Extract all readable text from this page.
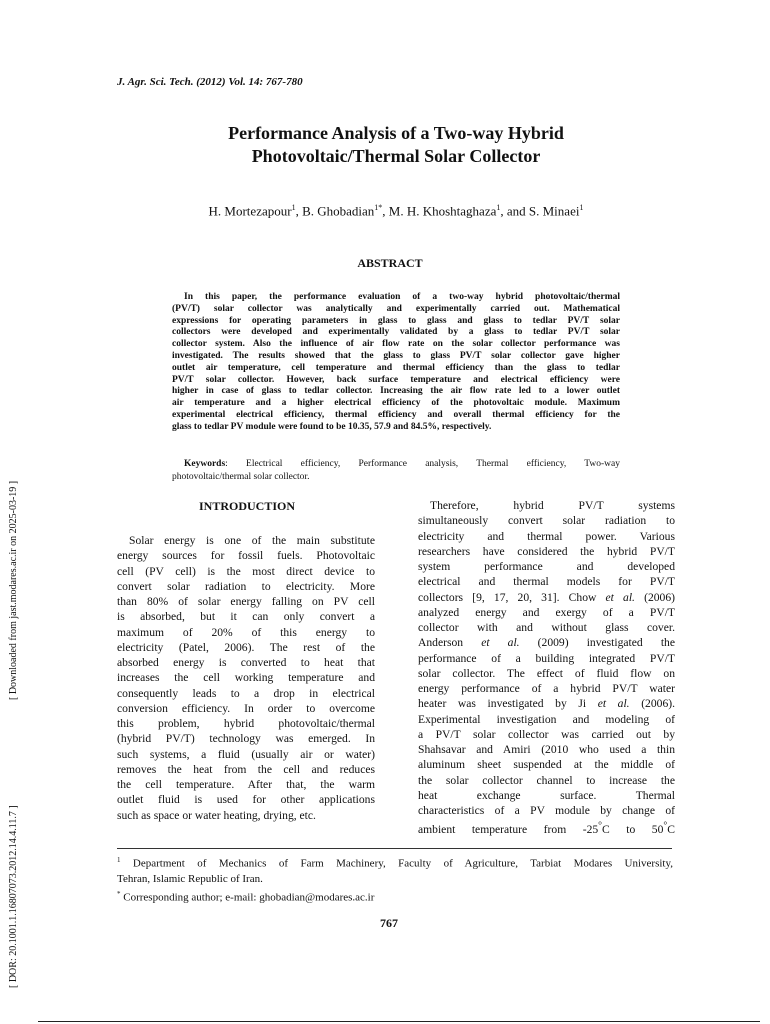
J. Agr. Sci. Tech. (2012) Vol. 14: 767-780
Performance Analysis of a Two-way Hybrid
Photovoltaic/Thermal Solar Collector
H. Mortezapour$^1$, B. Ghobadian$^{1*}$, M. H. Khoshtaghaza$^1$, and S. Minaei$^1$
ABSTRACT
In this paper, the performance evaluation of a two-way hybrid photovoltaic/thermal
(PV/T) solar collector was analytically and experimentally carried out. Mathematical
expressions for operating parameters in glass to glass and glass to tedlar PV/T solar
collectors were developed and experimentally validated by a glass to tedlar PV/T solar
collector system. Also the influence of air flow rate on the solar collector performance was
investigated. The results showed that the glass to glass PV/T solar collector gave higher
outlet air temperature, cell temperature and thermal efficiency than the glass to tedlar
PV/T solar collector. However, back surface temperature and electrical efficiency were
higher in case of glass to tedlar collector. Increasing the air flow rate led to a lower outlet
air temperature and a higher electrical efficiency of the photovoltaic module. Maximum
experimental electrical efficiency, thermal efficiency and overall thermal efficiency for the
glass to tedlar PV module were found to be 10.35, 57.9 and 84.5%, respectively.
Keywords: Electrical efficiency, Performance analysis, Thermal efficiency, Two-way
photovoltaic/thermal solar collector.
INTRODUCTION
Solar energy is one of the main substitute
energy sources for fossil fuels. Photovoltaic
cell (PV cell) is the most direct device to
convert solar radiation to electricity. More
than 80% of solar energy falling on PV cell
is absorbed, but it can only convert a
maximum of 20% of this energy to
electricity (Patel, 2006). The rest of the
absorbed energy is converted to heat that
increases the cell working temperature and
consequently leads to a drop in electrical
conversion efficiency. In order to overcome
this problem, hybrid photovoltaic/thermal
(hybrid PV/T) technology was emerged. In
such systems, a fluid (usually air or water)
removes the heat from the cell and reduces
the cell temperature. After that, the warm
outlet fluid is used for other applications
such as space or water heating, drying, etc.
Therefore, hybrid PV/T systems
simultaneously convert solar radiation to
electricity and thermal power. Various
researchers have considered the hybrid PV/T
system performance and developed
electrical and thermal models for PV/T
collectors [9, 17, 20, 31]. Chow et al. (2006)
analyzed energy and exergy of a PV/T
collector with and without glass cover.
Anderson et al. (2009) investigated the
performance of a building integrated PV/T
solar collector. The effect of fluid flow on
energy performance of a hybrid PV/T water
heater was investigated by Ji et al. (2006).
Experimental investigation and modeling of
a PV/T solar collector was carried out by
Shahsavar and Amiri (2010 who used a thin
aluminum sheet suspended at the middle of
the solar collector channel to increase the
heat exchange surface. Thermal
characteristics of a PV module by change of
ambient temperature from -25°C to 50°C
$^1$ Department of Mechanics of Farm Machinery, Faculty of Agriculture, Tarbiat Modares University,
Tehran, Islamic Republic of Iran.
* Corresponding author; e-mail: ghobadian@modares.ac.ir
767
[ Downloaded from jast.modares.ac.ir on 2025-03-19 ]
[ DOR: 20.1001.1.16807073.2012.14.4.11.7 ]
